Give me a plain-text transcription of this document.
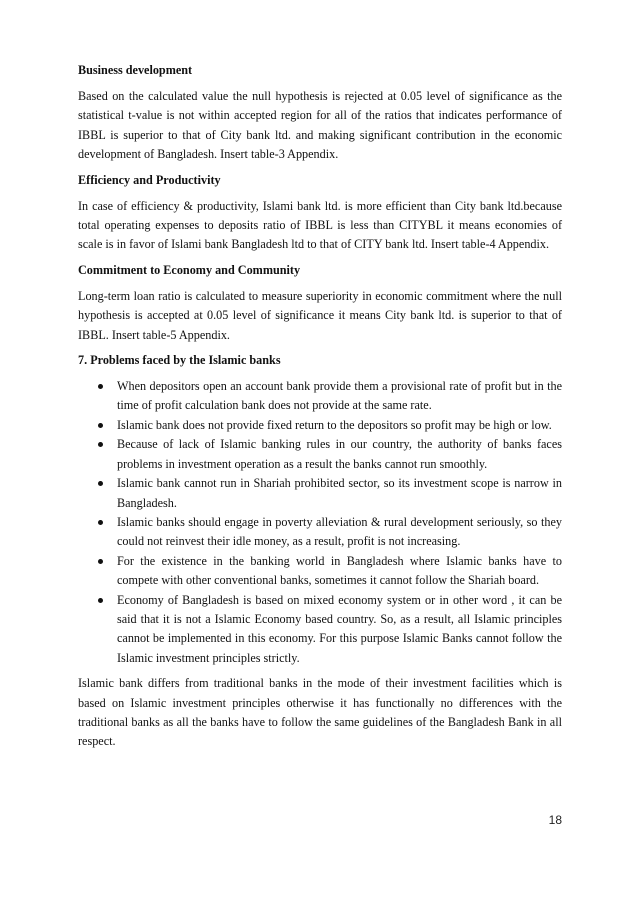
Business development

Based on the calculated value the null hypothesis is rejected at 0.05 level of significance as the statistical t-value is not within accepted region for all of the ratios that indicates performance of IBBL is superior to that of City bank ltd. and making significant contribution in the economic development of Bangladesh. Insert table-3 Appendix.

Efficiency and Productivity

In case of efficiency & productivity, Islami bank ltd. is more efficient than City bank ltd.because total operating expenses to deposits ratio of IBBL is less than CITYBL it means economies of scale is in favor of Islami bank Bangladesh ltd to that of CITY bank ltd. Insert table-4 Appendix.

Commitment to Economy and Community

Long-term loan ratio is calculated to measure superiority in economic commitment where the null hypothesis is accepted at 0.05 level of significance it means City bank ltd. is superior to that of IBBL. Insert table-5 Appendix.

7. Problems faced by the Islamic banks
When depositors open an account bank provide them a provisional rate of profit but in the time of profit calculation bank does not provide at the same rate.
Islamic bank does not provide fixed return to the depositors so profit may be high or low.
Because of lack of Islamic banking rules in our country, the authority of banks faces problems in investment operation as a result the banks cannot run smoothly.
Islamic bank cannot run in Shariah prohibited sector, so its investment scope is narrow in Bangladesh.
Islamic banks should engage in poverty alleviation & rural development seriously, so they could not reinvest their idle money, as a result, profit is not increasing.
For the existence in the banking world in Bangladesh where Islamic banks have to compete with other conventional banks, sometimes it cannot follow the Shariah board.
Economy of Bangladesh is based on mixed economy system or in other word , it can be said that it is not a Islamic Economy based country. So, as a result, all Islamic principles cannot be implemented in this economy. For this purpose Islamic Banks cannot follow the Islamic investment principles strictly.

Islamic bank differs from traditional banks in the mode of their investment facilities which is based on Islamic investment principles otherwise it has functionally no differences with the traditional banks as all the banks have to follow the same guidelines of the Bangladesh Bank in all respect.

18
